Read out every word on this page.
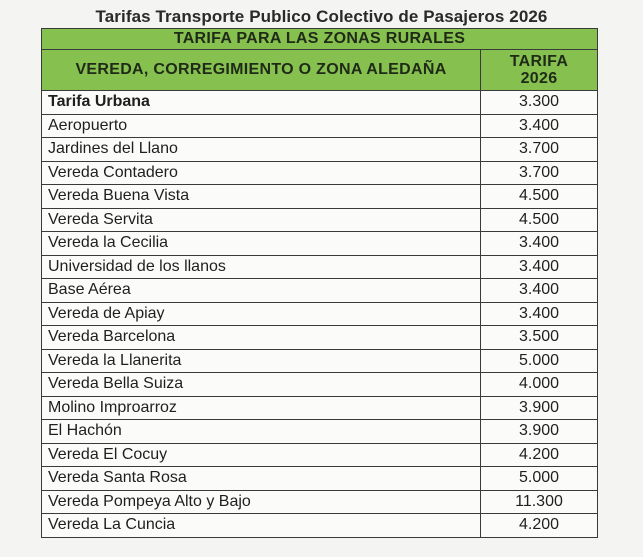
Tarifas Transporte Publico Colectivo de Pasajeros 2026
TARIFA PARA LAS ZONAS RURALES	
VEREDA, CORREGIMIENTO O ZONA ALEDAÑA	TARIFA
2026
Tarifa Urbana	3.300
Aeropuerto	3.400
Jardines del Llano	3.700
Vereda Contadero	3.700
Vereda Buena Vista	4.500
Vereda Servita	4.500
Vereda la Cecilia	3.400
Universidad de los llanos	3.400
Base Aérea	3.400
Vereda de Apiay	3.400
Vereda Barcelona	3.500
Vereda la Llanerita	5.000
Vereda Bella Suiza	4.000
Molino Improarroz	3.900
El Hachón	3.900
Vereda El Cocuy	4.200
Vereda Santa Rosa	5.000
Vereda Pompeya Alto y Bajo	11.300
Vereda La Cuncia	4.200
